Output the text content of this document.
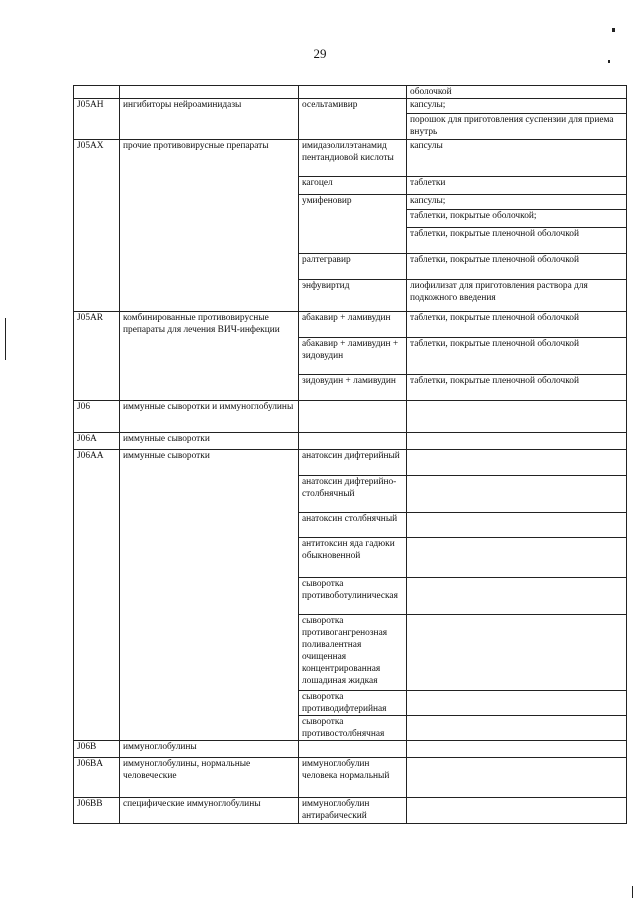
29
			оболочкой
J05AH	ингибиторы нейроаминидазы	осельтамивир	капсулы;
			порошок для приготовления суспензии для приема внутрь
J05AX	прочие противовирусные препараты	имидазолилэтанамид пентандиовой кислоты	капсулы
		кагоцел	таблетки
		умифеновир	капсулы;
			таблетки, покрытые оболочкой;
			таблетки, покрытые пленочной оболочкой
		ралтегравир	таблетки, покрытые пленочной оболочкой
		энфувиртид	лиофилизат для приготовления раствора для подкожного введения
J05AR	комбинированные противовирусные препараты для лечения ВИЧ-инфекции	абакавир + ламивудин	таблетки, покрытые пленочной оболочкой
		абакавир + ламивудин + зидовудин	таблетки, покрытые пленочной оболочкой
		зидовудин + ламивудин	таблетки, покрытые пленочной оболочкой
J06	иммунные сыворотки и иммуноглобулины		
J06A	иммунные сыворотки		
J06AA	иммунные сыворотки	анатоксин дифтерийный	
		анатоксин дифтерийно-столбнячный	
		анатоксин столбнячный	
		антитоксин яда гадюки обыкновенной	
		сыворотка противоботулиническая	
		сыворотка противогангренозная поливалентная очищенная концентрированная лошадиная жидкая	
		сыворотка противодифтерийная	
		сыворотка противостолбнячная	
J06B	иммуноглобулины		
J06BA	иммуноглобулины, нормальные человеческие	иммуноглобулин человека нормальный	
J06BB	специфические иммуноглобулины	иммуноглобулин антирабический	
